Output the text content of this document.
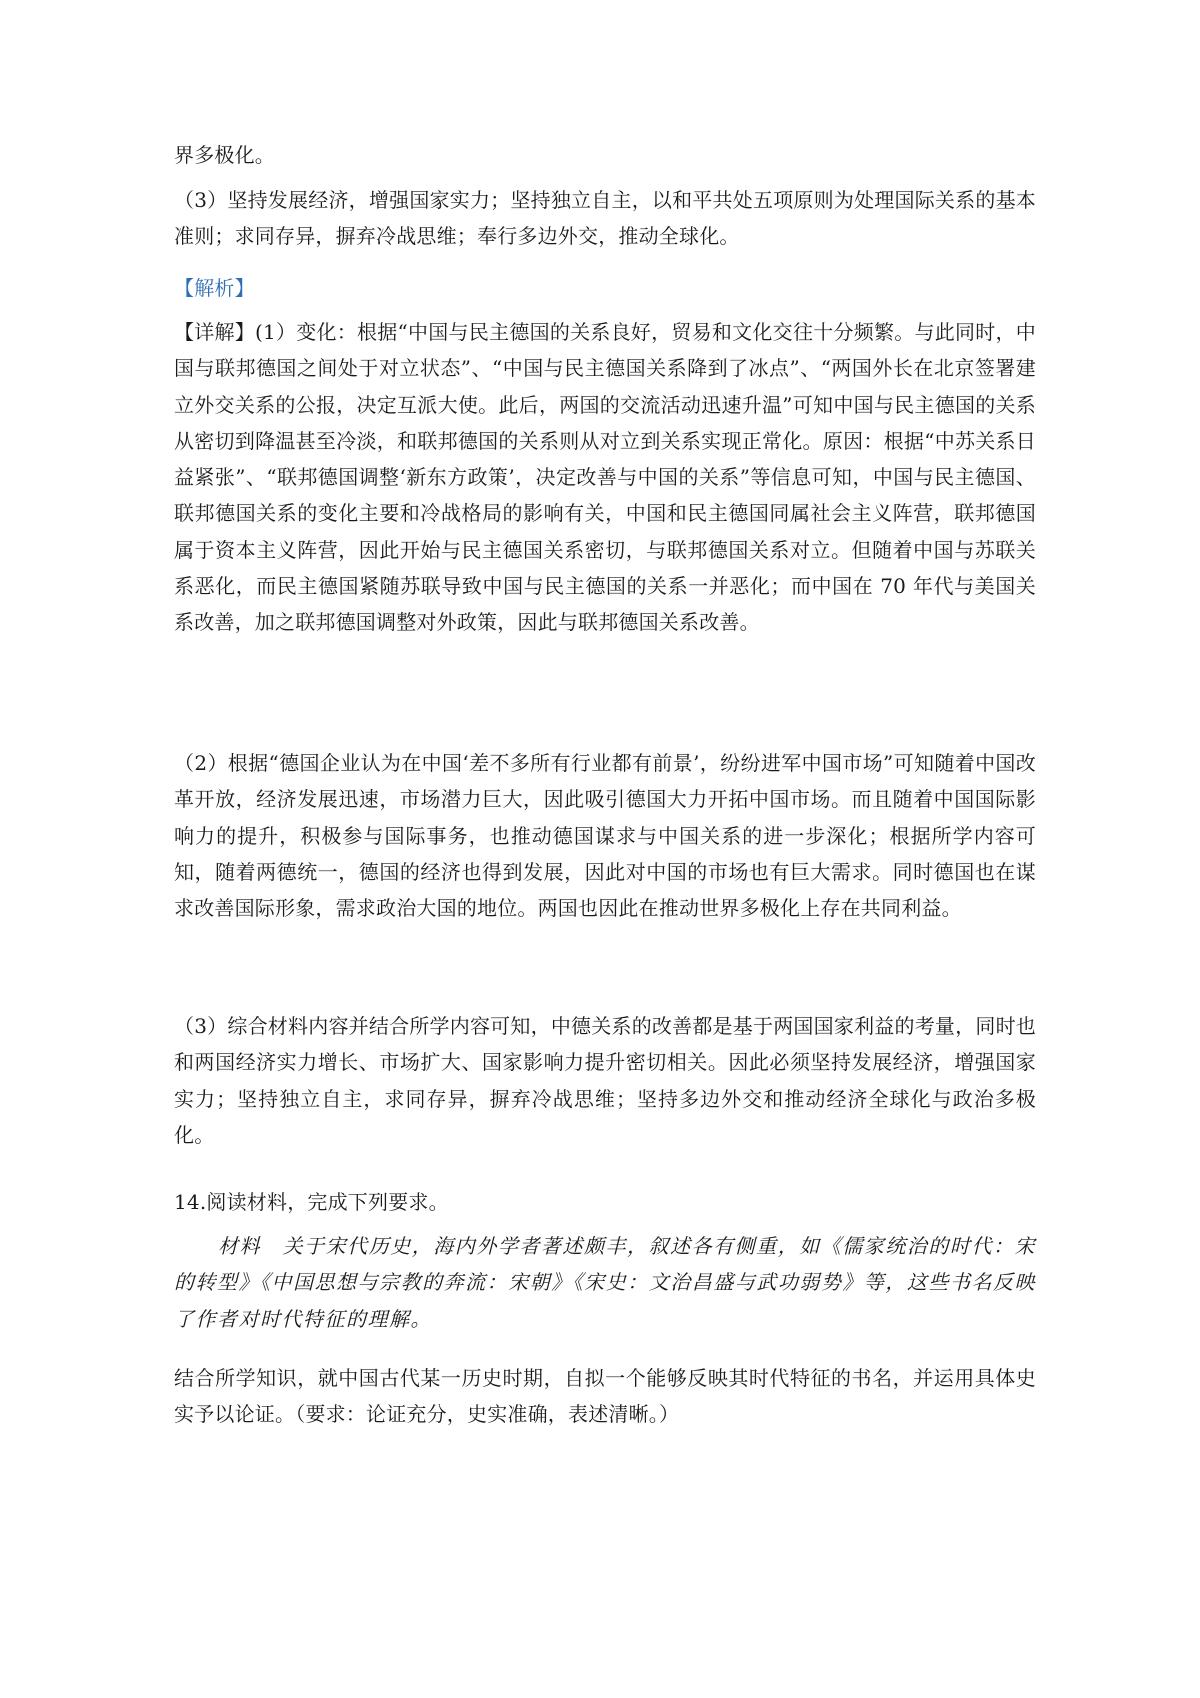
界多极化。

（3）坚持发展经济，增强国家实力；坚持独立自主，以和平共处五项原则为处理国际关系的基本准则；求同存异，摒弃冷战思维；奉行多边外交，推动全球化。

【解析】

【详解】(1）变化：根据“中国与民主德国的关系良好，贸易和文化交往十分频繁。与此同时，中国与联邦德国之间处于对立状态”、“中国与民主德国关系降到了冰点”、“两国外长在北京签署建立外交关系的公报，决定互派大使。此后，两国的交流活动迅速升温”可知中国与民主德国的关系从密切到降温甚至冷淡，和联邦德国的关系则从对立到关系实现正常化。原因：根据“中苏关系日益紧张”、“联邦德国调整‘新东方政策’，决定改善与中国的关系”等信息可知，中国与民主德国、联邦德国关系的变化主要和冷战格局的影响有关，中国和民主德国同属社会主义阵营，联邦德国属于资本主义阵营，因此开始与民主德国关系密切，与联邦德国关系对立。但随着中国与苏联关系恶化，而民主德国紧随苏联导致中国与民主德国的关系一并恶化；而中国在 70 年代与美国关系改善，加之联邦德国调整对外政策，因此与联邦德国关系改善。

（2）根据“德国企业认为在中国‘差不多所有行业都有前景’，纷纷进军中国市场”可知随着中国改革开放，经济发展迅速，市场潜力巨大，因此吸引德国大力开拓中国市场。而且随着中国国际影响力的提升，积极参与国际事务，也推动德国谋求与中国关系的进一步深化；根据所学内容可知，随着两德统一，德国的经济也得到发展，因此对中国的市场也有巨大需求。同时德国也在谋求改善国际形象，需求政治大国的地位。两国也因此在推动世界多极化上存在共同利益。

（3）综合材料内容并结合所学内容可知，中德关系的改善都是基于两国国家利益的考量，同时也和两国经济实力增长、市场扩大、国家影响力提升密切相关。因此必须坚持发展经济，增强国家实力；坚持独立自主，求同存异，摒弃冷战思维；坚持多边外交和推动经济全球化与政治多极化。

14.阅读材料，完成下列要求。

材料　关于宋代历史，海内外学者著述颇丰，叙述各有侧重，如《儒家统治的时代：宋的转型》《中国思想与宗教的奔流：宋朝》《宋史：文治昌盛与武功弱势》等，这些书名反映了作者对时代特征的理解。

结合所学知识，就中国古代某一历史时期，自拟一个能够反映其时代特征的书名，并运用具体史实予以论证。（要求：论证充分，史实准确，表述清晰。）
